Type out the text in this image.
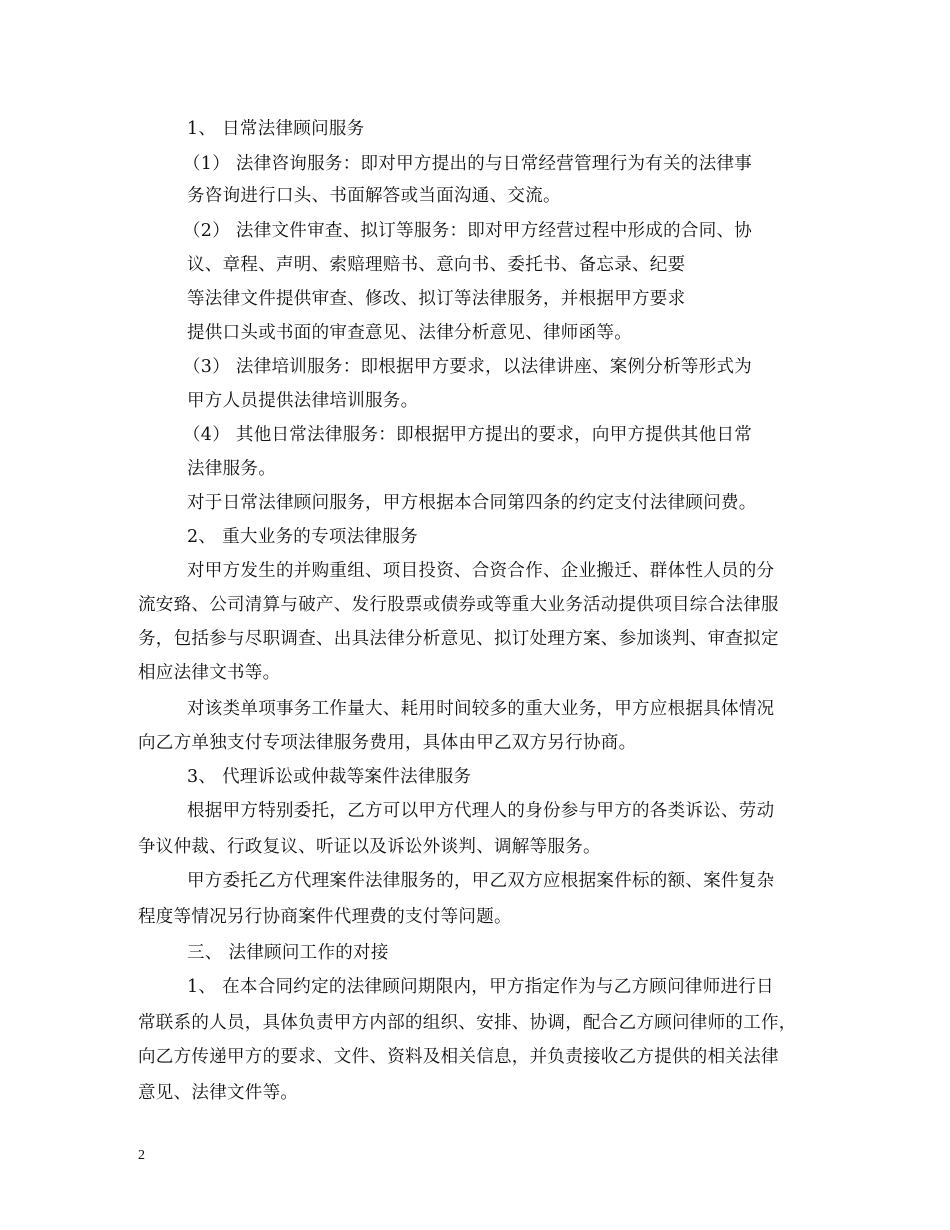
1、 日常法律顾问服务
（1） 法律咨询服务：即对甲方提出的与日常经营管理行为有关的法律事
务咨询进行口头、书面解答或当面沟通、交流。
（2） 法律文件审查、拟订等服务：即对甲方经营过程中形成的合同、协
议、章程、声明、索赔理赔书、意向书、委托书、备忘录、纪要
等法律文件提供审查、修改、拟订等法律服务，并根据甲方要求
提供口头或书面的审查意见、法律分析意见、律师函等。
（3） 法律培训服务：即根据甲方要求，以法律讲座、案例分析等形式为
甲方人员提供法律培训服务。
（4） 其他日常法律服务：即根据甲方提出的要求，向甲方提供其他日常
法律服务。
对于日常法律顾问服务，甲方根据本合同第四条的约定支付法律顾问费。
2、 重大业务的专项法律服务
对甲方发生的并购重组、项目投资、合资合作、企业搬迁、群体性人员的分
流安臵、公司清算与破产、发行股票或债券或等重大业务活动提供项目综合法律服
务，包括参与尽职调查、出具法律分析意见、拟订处理方案、参加谈判、审查拟定
相应法律文书等。
对该类单项事务工作量大、耗用时间较多的重大业务，甲方应根据具体情况
向乙方单独支付专项法律服务费用，具体由甲乙双方另行协商。
3、 代理诉讼或仲裁等案件法律服务
根据甲方特别委托，乙方可以甲方代理人的身份参与甲方的各类诉讼、劳动
争议仲裁、行政复议、听证以及诉讼外谈判、调解等服务。
甲方委托乙方代理案件法律服务的，甲乙双方应根据案件标的额、案件复杂
程度等情况另行协商案件代理费的支付等问题。
三、 法律顾问工作的对接
1、 在本合同约定的法律顾问期限内，甲方指定作为与乙方顾问律师进行日
常联系的人员，具体负责甲方内部的组织、安排、协调，配合乙方顾问律师的工作，
向乙方传递甲方的要求、文件、资料及相关信息，并负责接收乙方提供的相关法律
意见、法律文件等。
2
